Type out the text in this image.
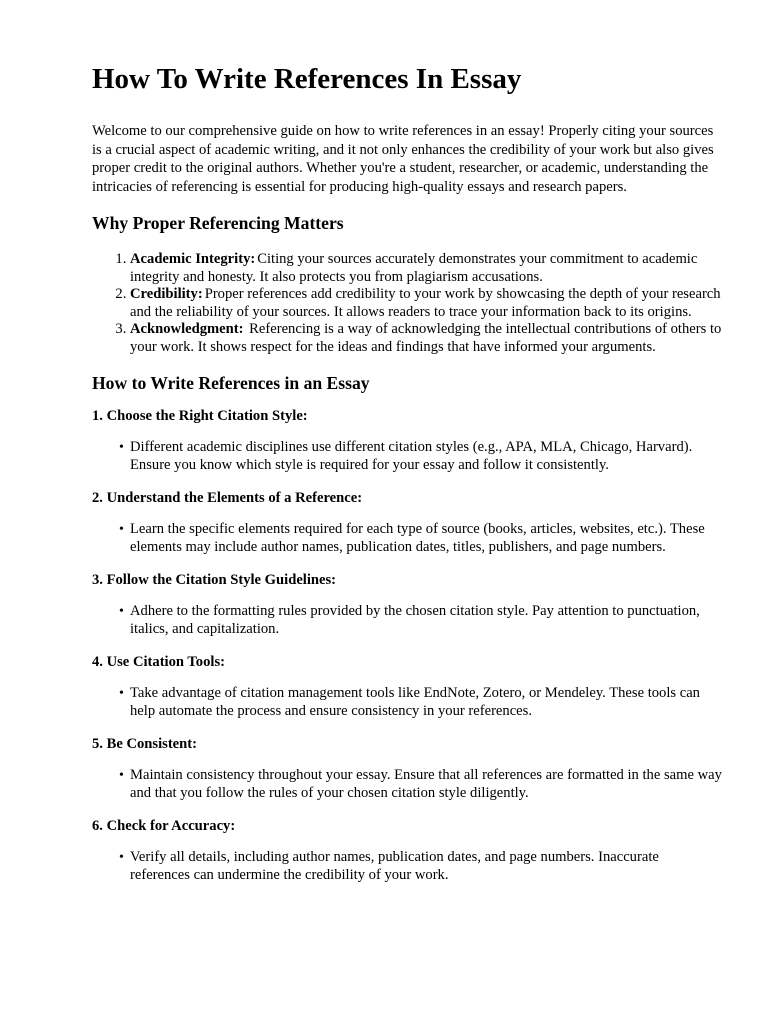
How To Write References In Essay

Welcome to our comprehensive guide on how to write references in an essay! Properly citing your sources is a crucial aspect of academic writing, and it not only enhances the credibility of your work but also gives proper credit to the original authors. Whether you're a student, researcher, or academic, understanding the intricacies of referencing is essential for producing high-quality essays and research papers.

Why Proper Referencing Matters
1. Academic Integrity: Citing your sources accurately demonstrates your commitment to academic integrity and honesty. It also protects you from plagiarism accusations.
2. Credibility: Proper references add credibility to your work by showcasing the depth of your research and the reliability of your sources. It allows readers to trace your information back to its origins.
3. Acknowledgment: Referencing is a way of acknowledging the intellectual contributions of others to your work. It shows respect for the ideas and findings that have informed your arguments.
How to Write References in an Essay
1. Choose the Right Citation Style:
• Different academic disciplines use different citation styles (e.g., APA, MLA, Chicago, Harvard). Ensure you know which style is required for your essay and follow it consistently.
2. Understand the Elements of a Reference:
• Learn the specific elements required for each type of source (books, articles, websites, etc.). These elements may include author names, publication dates, titles, publishers, and page numbers.
3. Follow the Citation Style Guidelines:
• Adhere to the formatting rules provided by the chosen citation style. Pay attention to punctuation, italics, and capitalization.
4. Use Citation Tools:
• Take advantage of citation management tools like EndNote, Zotero, or Mendeley. These tools can help automate the process and ensure consistency in your references.
5. Be Consistent:
• Maintain consistency throughout your essay. Ensure that all references are formatted in the same way and that you follow the rules of your chosen citation style diligently.
6. Check for Accuracy:
• Verify all details, including author names, publication dates, and page numbers. Inaccurate references can undermine the credibility of your work.
